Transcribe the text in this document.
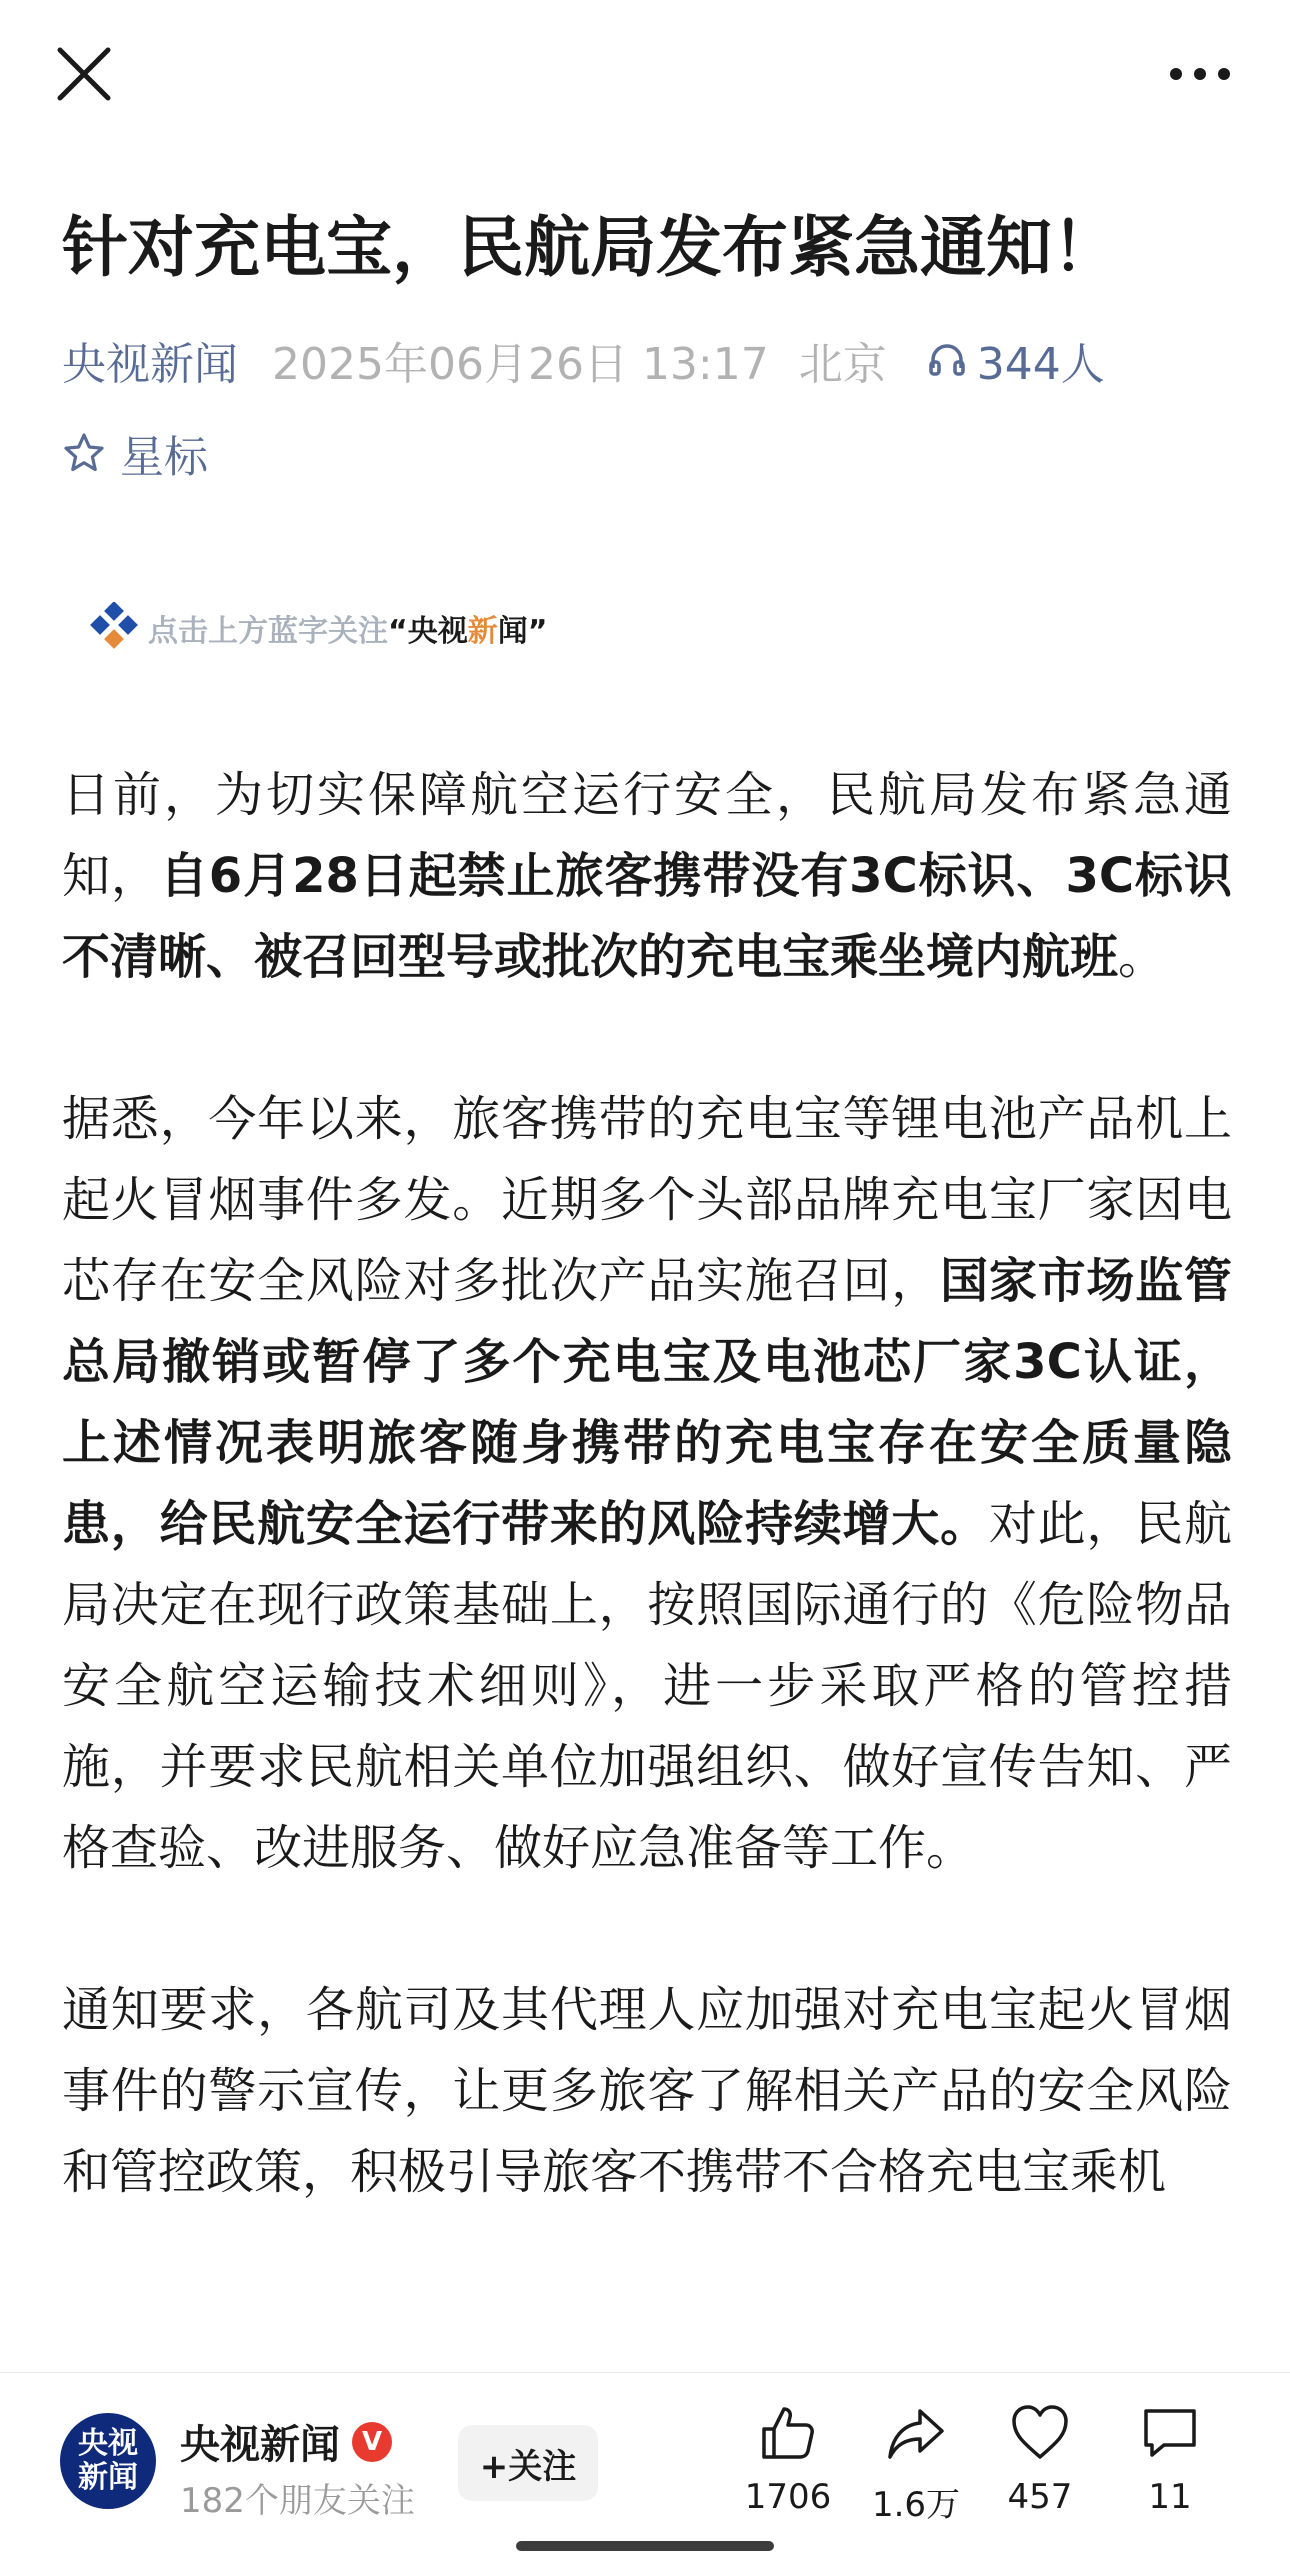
针对充电宝，民航局发布紧急通知！
央视新闻 2025年06月26日 13:17 北京 344人
星标
点击上方蓝字关注 “央视新闻”

日前，为切实保障航空运行安全，民航局发布紧急通知，自6月28日起禁止旅客携带没有3C标识、3C标识不清晰、被召回型号或批次的充电宝乘坐境内航班。

据悉，今年以来，旅客携带的充电宝等锂电池产品机上起火冒烟事件多发。近期多个头部品牌充电宝厂家因电芯存在安全风险对多批次产品实施召回，国家市场监管总局撤销或暂停了多个充电宝及电池芯厂家3C认证，上述情况表明旅客随身携带的充电宝存在安全质量隐患，给民航安全运行带来的风险持续增大。对此，民航局决定在现行政策基础上，按照国际通行的《危险物品安全航空运输技术细则》，进一步采取严格的管控措施，并要求民航相关单位加强组织、做好宣传告知、严格查验、改进服务、做好应急准备等工作。

通知要求，各航司及其代理人应加强对充电宝起火冒烟事件的警示宣传，让更多旅客了解相关产品的安全风险和管控政策，积极引导旅客不携带不合格充电宝乘机

央视
新闻
央视新闻 V
182个朋友关注
+关注
1706	1.6万	457	11
